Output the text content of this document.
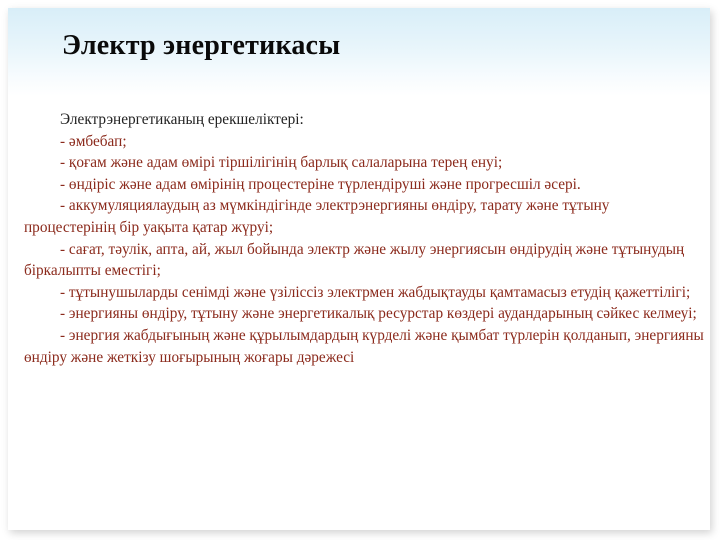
Электр энергетикасы

Электрэнергетиканың ерекшеліктері:

- әмбебап;

- қоғам және адам өмірі тіршілігінің барлық салаларына терең енуі;

- өндіріс және адам өмірінің процестеріне түрлендіруші және прогресшіл әсері.

- аккумуляциялаудың аз мүмкіндігінде электрэнергияны өндіру, тарату және тұтыну процестерінің бір уақыта қатар жүруі;

- сағат, тәулік, апта, ай, жыл бойында электр және жылу энергиясын өндірудің және тұтынудың біркалыпты еместігі;

- тұтынушыларды сенімді және үзіліссіз электрмен жабдықтауды қамтамасыз етудің қажеттілігі;

- энергияны өндіру, тұтыну және энергетикалық ресурстар көздері аудандарының сәйкес келмеуі;

- энергия жабдығының және құрылымдардың күрделі және қымбат түрлерін қолданып, энергияны өндіру және жеткізу шоғырының жоғары дәрежесі
